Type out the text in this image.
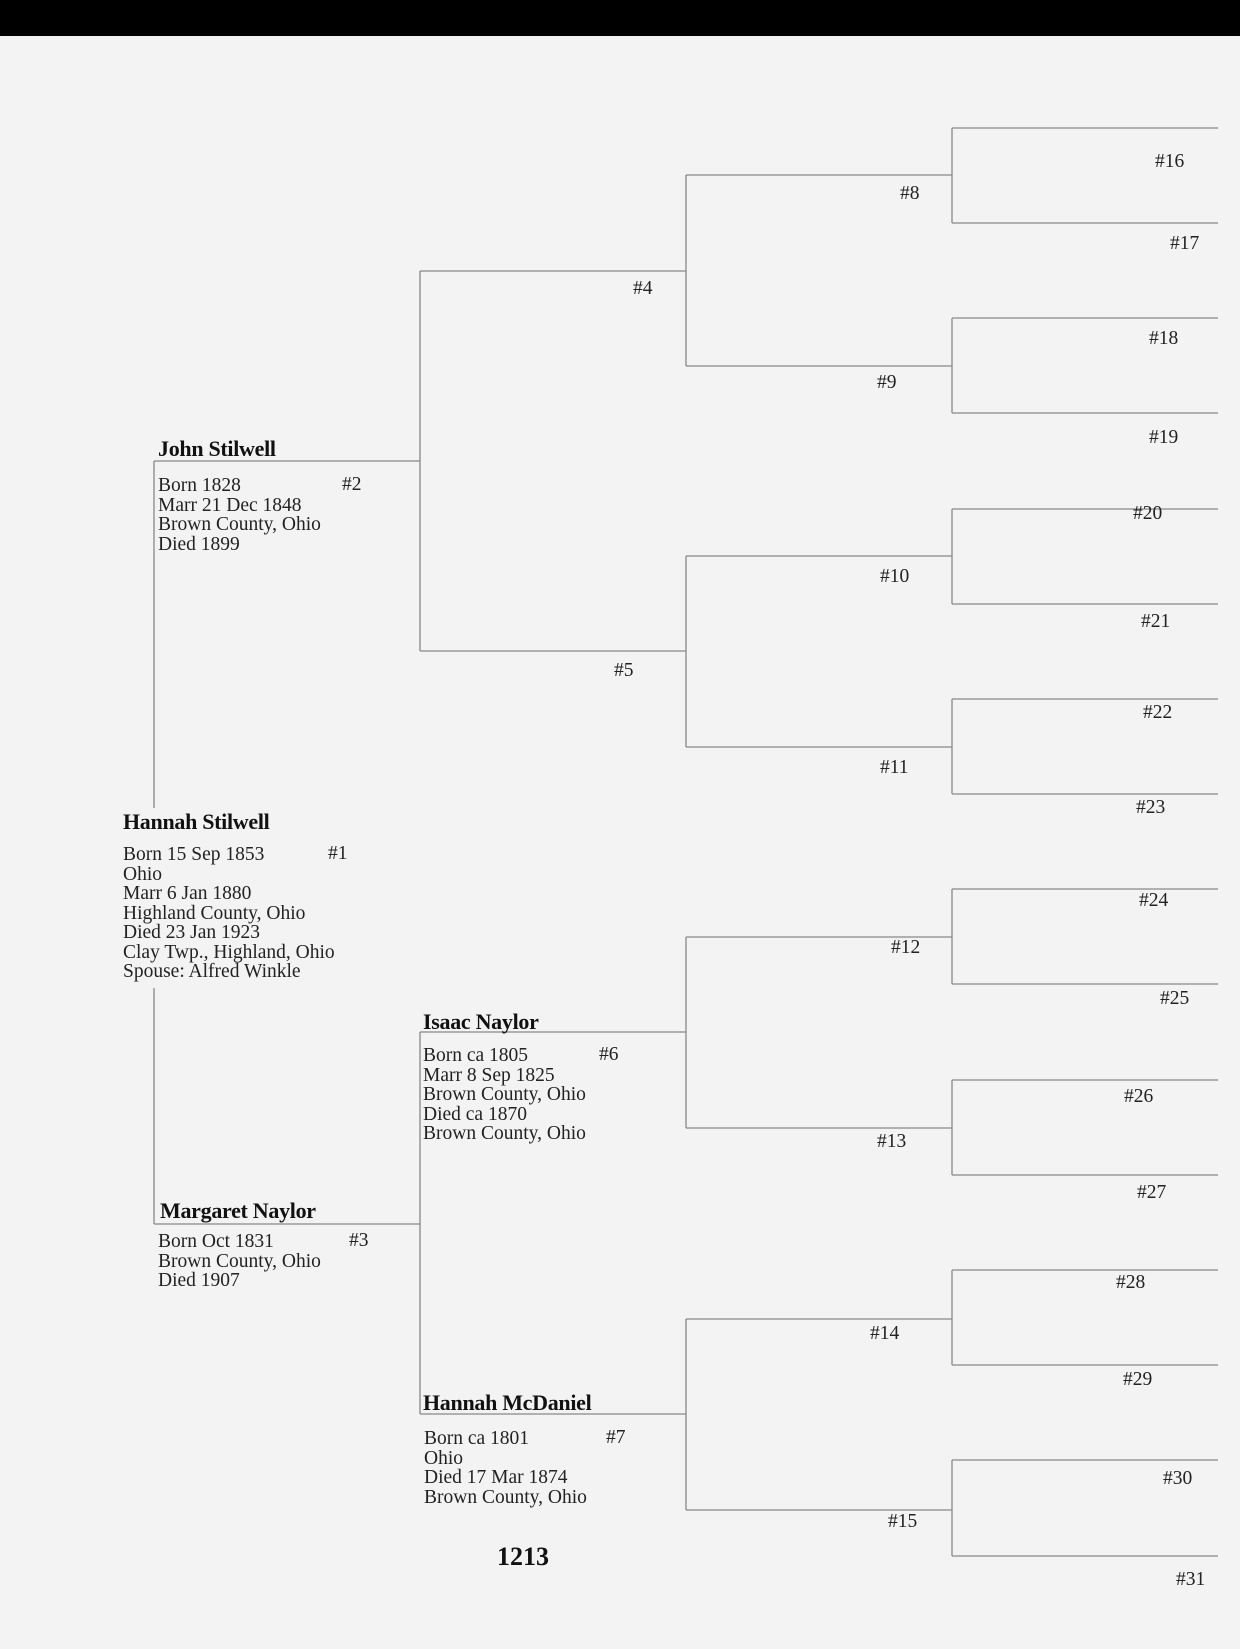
Hannah Stilwell
Born 15 Sep 1853
Ohio
Marr 6 Jan 1880
Highland County, Ohio
Died 23 Jan 1923
Clay Twp., Highland, Ohio
Spouse: Alfred Winkle
#1
John Stilwell
Born 1828
Marr 21 Dec 1848
Brown County, Ohio
Died 1899
#2
Margaret Naylor
Born Oct 1831
Brown County, Ohio
Died 1907
#3
Isaac Naylor
Born ca 1805
Marr 8 Sep 1825
Brown County, Ohio
Died ca 1870
Brown County, Ohio
#6
Hannah McDaniel
Born ca 1801
Ohio
Died 17 Mar 1874
Brown County, Ohio
#7
#4
#5
#8
#9
#10
#11
#12
#13
#14
#15
#16
#17
#18
#19
#20
#21
#22
#23
#24
#25
#26
#27
#28
#29
#30
#31
1213
